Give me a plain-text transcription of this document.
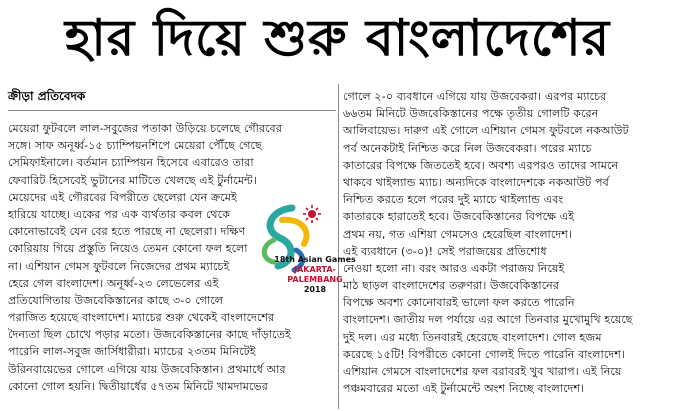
হার দিয়ে শুরু বাংলাদেশের
ক্রীড়া প্রতিবেদক
মেয়েরা ফুটবলে লাল-সবুজের পতাকা উড়িয়ে চলেছে গৌরবের
সঙ্গে। সাফ অনূর্ধ্ব-১৫ চ্যাম্পিয়নশিপে মেয়েরা পৌঁছে গেছে
সেমিফাইনালে। বর্তমান চ্যাম্পিয়ন হিসেবে এবারেও তারা
ফেবারিট হিসেবেই ভুটানের মাটিতে খেলছে এই টুর্নামেন্ট।
মেয়েদের এই গৌরবের বিপরীতে ছেলেরা যেন ক্রমেই
হারিয়ে যাচ্ছে। একের পর এক ব্যর্থতার কবল থেকে
কোনোভাবেই যেন বের হতে পারছে না ছেলেরা। দক্ষিণ
কোরিয়ায় গিয়ে প্রস্তুতি নিয়েও তেমন কোনো ফল হলো
না। এশিয়ান গেমস ফুটবলে নিজেদের প্রথম ম্যাচেই
হেরে গেল বাংলাদেশ। অনূর্ধ্ব-২৩ লেভেলের এই
প্রতিযোগিতায় উজবেকিস্তানের কাছে ৩-০ গোলে
পরাজিত হয়েছে বাংলাদেশ। ম্যাচের শুরু থেকেই বাংলাদেশের
দৈন্যতা ছিল চোখে পড়ার মতো। উজবেকিস্তানের কাছে দাঁড়াতেই
পারেনি লাল-সবুজ জার্সিধারীরা। ম্যাচের ২৩তম মিনিটেই
উরিনবায়েভের গোলে এগিয়ে যায় উজবেকিস্তান। প্রথমার্ধে আর
কোনো গোল হয়নি। দ্বিতীয়ার্ধের ৫৭তম মিনিটে খামদামভের
গোলে ২-০ ব্যবধানে এগিয়ে যায় উজবেকরা। এরপর ম্যাচের
৬৬তম মিনিটে উজবেকিস্তানের পক্ষে তৃতীয় গোলটি করেন
আলিবায়েভ। দারুণ এই গোলে এশিয়ান গেমস ফুটবলে নকআউট
পর্ব অনেকটাই নিশ্চিত করে নিল উজবেকরা। পরের ম্যাচে
কাতারের বিপক্ষে জিততেই হবে। অবশ্য এরপরও তাদের সামনে
থাকবে থাইল্যান্ড ম্যাচ। অন্যদিকে বাংলাদেশকে নকআউট পর্ব
নিশ্চিত করতে হলে পরের দুই ম্যাচে থাইল্যান্ড এবং
কাতারকে হারাতেই হবে। উজবেকিস্তানের বিপক্ষে এই
প্রথম নয়, গত এশিয়া গেমসেও হেরেছিল বাংলাদেশ।
এই ব্যবধানে (৩-০)! সেই পরাজয়ের প্রতিশোধ
নেওয়া হলো না। বরং আরও একটা পরাজয় নিয়েই
মাঠ ছাড়ল বাংলাদেশের তরুণরা। উজবেকিস্তানের
বিপক্ষে অবশ্য কোনোবারই ভালো ফল করতে পারেনি
বাংলাদেশ। জাতীয় দল পর্যায়ে এর আগে তিনবার মুখোমুখি হয়েছে
দুই দল। এর মধ্যে তিনবারই হেরেছে বাংলাদেশ। গোল হজম
করেছে ১৫টি! বিপরীতে কোনো গোলই দিতে পারেনি বাংলাদেশ।
এশিয়ান গেমসে বাংলাদেশের ফল বরাবরই খুব খারাপ। এই নিয়ে
পঞ্চমবারের মতো এই টুর্নামেন্টে অংশ নিচ্ছে বাংলাদেশ।
18th Asian Games
JAKARTA-PALEMBANG
2018
